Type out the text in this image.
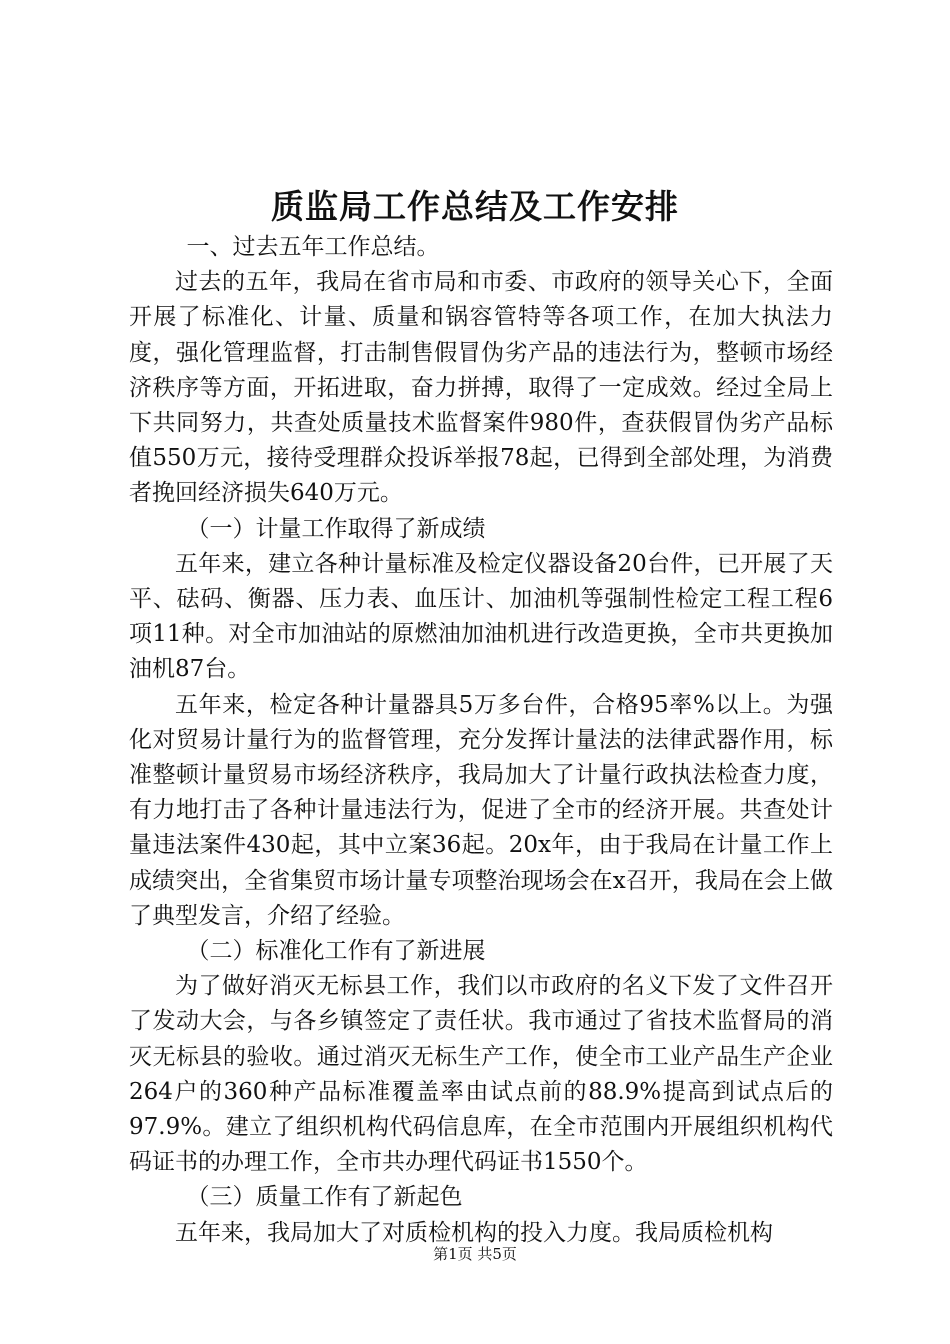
质监局工作总结及工作安排

一、过去五年工作总结。

过去的五年，我局在省市局和市委、市政府的领导关心下，全面开展了标准化、计量、质量和锅容管特等各项工作，在加大执法力度，强化管理监督，打击制售假冒伪劣产品的违法行为，整顿市场经济秩序等方面，开拓进取，奋力拼搏，取得了一定成效。经过全局上下共同努力，共查处质量技术监督案件980件，查获假冒伪劣产品标值550万元，接待受理群众投诉举报78起，已得到全部处理，为消费者挽回经济损失640万元。

（一）计量工作取得了新成绩

五年来，建立各种计量标准及检定仪器设备20台件，已开展了天平、砝码、衡器、压力表、血压计、加油机等强制性检定工程工程6项11种。对全市加油站的原燃油加油机进行改造更换，全市共更换加油机87台。

五年来，检定各种计量器具5万多台件，合格95率%以上。为强化对贸易计量行为的监督管理，充分发挥计量法的法律武器作用，标准整顿计量贸易市场经济秩序，我局加大了计量行政执法检查力度，有力地打击了各种计量违法行为，促进了全市的经济开展。共查处计量违法案件430起，其中立案36起。20x年，由于我局在计量工作上成绩突出，全省集贸市场计量专项整治现场会在x召开，我局在会上做了典型发言，介绍了经验。

（二）标准化工作有了新进展

为了做好消灭无标县工作，我们以市政府的名义下发了文件召开了发动大会，与各乡镇签定了责任状。我市通过了省技术监督局的消灭无标县的验收。通过消灭无标生产工作，使全市工业产品生产企业264户的360种产品标准覆盖率由试点前的88.9%提高到试点后的97.9%。建立了组织机构代码信息库，在全市范围内开展组织机构代码证书的办理工作，全市共办理代码证书1550个。

（三）质量工作有了新起色

五年来，我局加大了对质检机构的投入力度。我局质检机构

第1页 共5页
